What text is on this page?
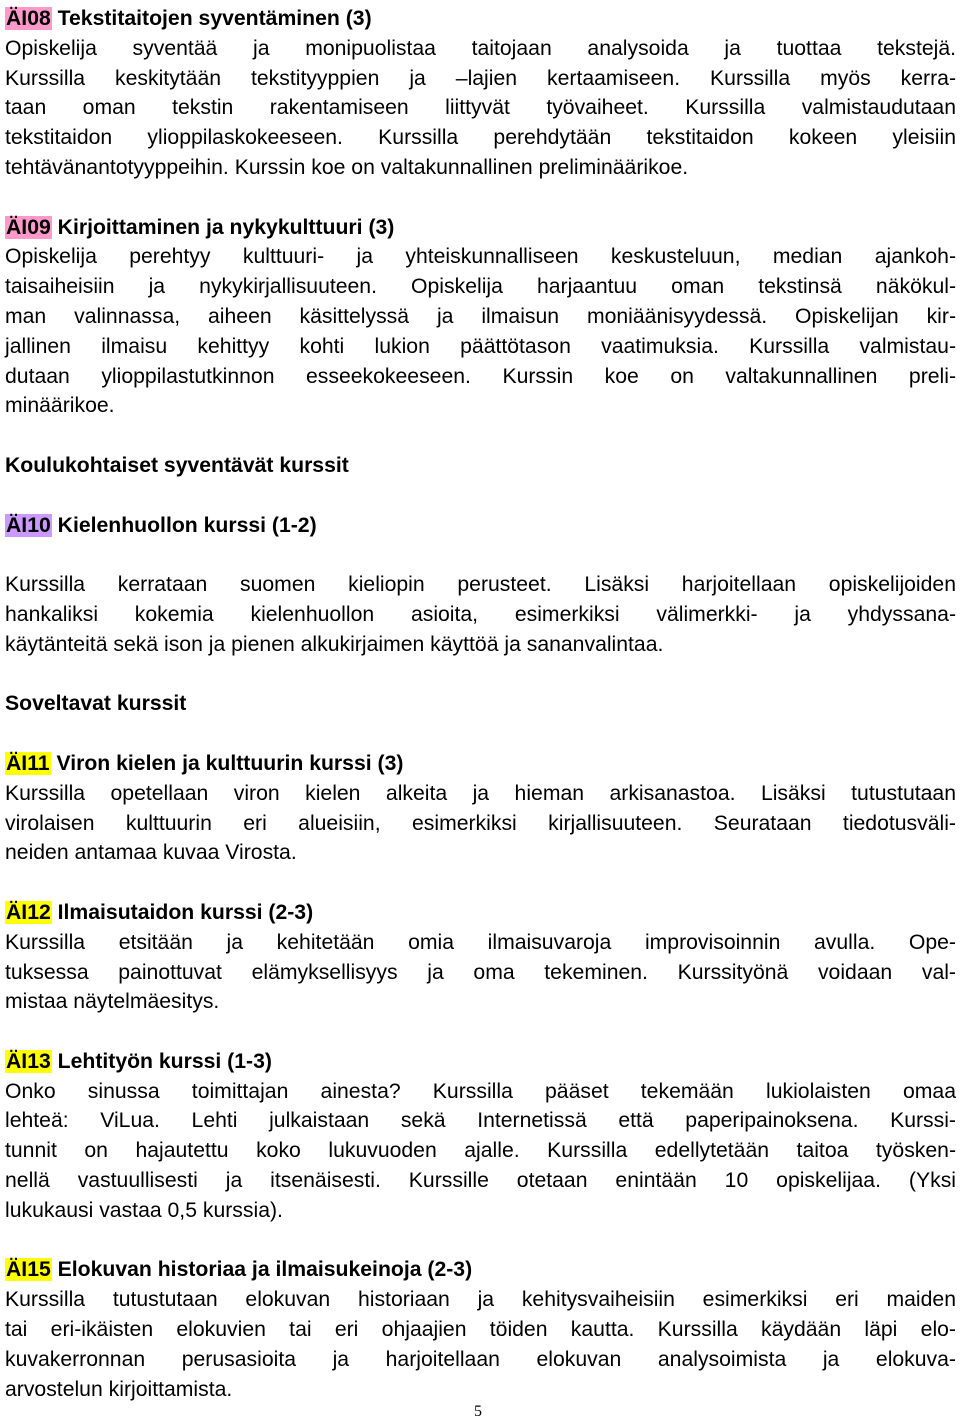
ÄI08 Tekstitaitojen syventäminen (3)
Opiskelija syventää ja monipuolistaa taitojaan analysoida ja tuottaa tekstejä.
Kurssilla keskitytään tekstityyppien ja –lajien kertaamiseen. Kurssilla myös kerra-
taan oman tekstin rakentamiseen liittyvät työvaiheet. Kurssilla valmistaudutaan
tekstitaidon ylioppilaskokeeseen. Kurssilla perehdytään tekstitaidon kokeen yleisiin
tehtävänantotyyppeihin. Kurssin koe on valtakunnallinen preliminäärikoe.
ÄI09 Kirjoittaminen ja nykykulttuuri (3)
Opiskelija perehtyy kulttuuri- ja yhteiskunnalliseen keskusteluun, median ajankoh-
taisaiheisiin ja nykykirjallisuuteen. Opiskelija harjaantuu oman tekstinsä näkökul-
man valinnassa, aiheen käsittelyssä ja ilmaisun moniäänisyydessä. Opiskelijan kir-
jallinen ilmaisu kehittyy kohti lukion päättötason vaatimuksia. Kurssilla valmistau-
dutaan ylioppilastutkinnon esseekokeeseen. Kurssin koe on valtakunnallinen preli-
minäärikoe.
Koulukohtaiset syventävät kurssit
ÄI10 Kielenhuollon kurssi (1-2)
Kurssilla kerrataan suomen kieliopin perusteet. Lisäksi harjoitellaan opiskelijoiden
hankaliksi kokemia kielenhuollon asioita, esimerkiksi välimerkki- ja yhdyssana-
käytänteitä sekä ison ja pienen alkukirjaimen käyttöä ja sananvalintaa.
Soveltavat kurssit
ÄI11 Viron kielen ja kulttuurin kurssi (3)
Kurssilla opetellaan viron kielen alkeita ja hieman arkisanastoa. Lisäksi tutustutaan
virolaisen kulttuurin eri alueisiin, esimerkiksi kirjallisuuteen. Seurataan tiedotusväli-
neiden antamaa kuvaa Virosta.
ÄI12 Ilmaisutaidon kurssi (2-3)
Kurssilla etsitään ja kehitetään omia ilmaisuvaroja improvisoinnin avulla. Ope-
tuksessa painottuvat elämyksellisyys ja oma tekeminen. Kurssityönä voidaan val-
mistaa näytelmäesitys.
ÄI13 Lehtityön kurssi (1-3)
Onko sinussa toimittajan ainesta? Kurssilla pääset tekemään lukiolaisten omaa
lehteä: ViLua. Lehti julkaistaan sekä Internetissä että paperipainoksena. Kurssi-
tunnit on hajautettu koko lukuvuoden ajalle. Kurssilla edellytetään taitoa työsken-
nellä vastuullisesti ja itsenäisesti. Kurssille otetaan enintään 10 opiskelijaa. (Yksi
lukukausi vastaa 0,5 kurssia).
ÄI15 Elokuvan historiaa ja ilmaisukeinoja (2-3)
Kurssilla tutustutaan elokuvan historiaan ja kehitysvaiheisiin esimerkiksi eri maiden
tai eri-ikäisten elokuvien tai eri ohjaajien töiden kautta. Kurssilla käydään läpi elo-
kuvakerronnan perusasioita ja harjoitellaan elokuvan analysoimista ja elokuva-
arvostelun kirjoittamista.
5
